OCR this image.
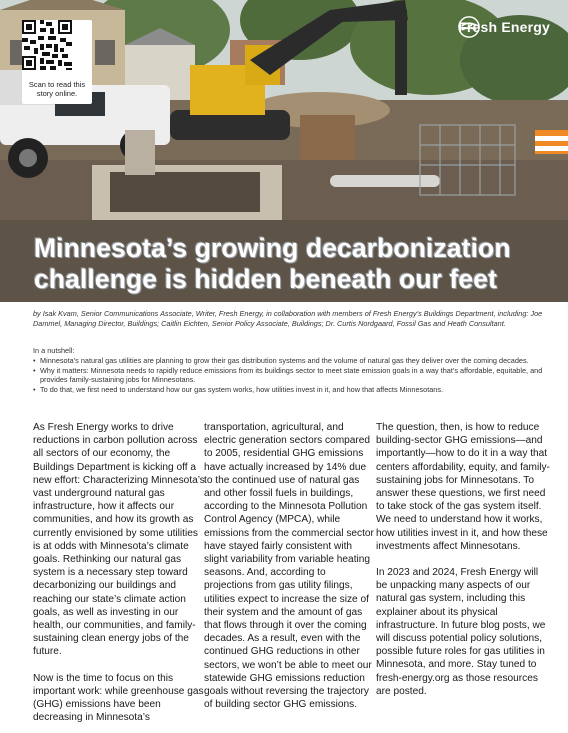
Scan to read this story online.
Fresh Energy
Minnesota’s growing decarbonization
challenge is hidden beneath our feet
by Isak Kvam, Senior Communications Associate, Writer, Fresh Energy, in collaboration with members of Fresh Energy’s Buildings Department, including: Joe Dammel, Managing Director, Buildings; Caitlin Eichten, Senior Policy Associate, Buildings; Dr. Curtis Nordgaard, Fossil Gas and Heath Consultant.
In a nutshell:
• Minnesota’s natural gas utilities are planning to grow their gas distribution systems and the volume of natural gas they deliver over the coming decades.
• Why it matters: Minnesota needs to rapidly reduce emissions from its buildings sector to meet state emission goals in a way that’s affordable, equitable, and provides family-sustaining jobs for Minnesotans.
• To do that, we first need to understand how our gas system works, how utilities invest in it, and how that affects Minnesotans.

As Fresh Energy works to drive reductions in carbon pollution across all sectors of our economy, the Buildings Department is kicking off a new effort: Characterizing Minnesota’s vast underground natural gas infrastructure, how it affects our communities, and how its growth as currently envisioned by some utilities is at odds with Minnesota’s climate goals. Rethinking our natural gas system is a necessary step toward decarbonizing our buildings and reaching our state’s climate action goals, as well as investing in our health, our communities, and family-sustaining clean energy jobs of the future.

Now is the time to focus on this important work: while greenhouse gas (GHG) emissions have been decreasing in Minnesota’s

transportation, agricultural, and electric generation sectors compared to 2005, residential GHG emissions have actually increased by 14% due to the continued use of natural gas and other fossil fuels in buildings, according to the Minnesota Pollution Control Agency (MPCA), while emissions from the commercial sector have stayed fairly consistent with slight variability from variable heating seasons. And, according to projections from gas utility filings, utilities expect to increase the size of their system and the amount of gas that flows through it over the coming decades. As a result, even with the continued GHG reductions in other sectors, we won’t be able to meet our statewide GHG emissions reduction goals without reversing the trajectory of building sector GHG emissions.

The question, then, is how to reduce building-sector GHG emissions—and importantly—how to do it in a way that centers affordability, equity, and family-sustaining jobs for Minnesotans. To answer these questions, we first need to take stock of the gas system itself. We need to understand how it works, how utilities invest in it, and how these investments affect Minnesotans.

In 2023 and 2024, Fresh Energy will be unpacking many aspects of our natural gas system, including this explainer about its physical infrastructure. In future blog posts, we will discuss potential policy solutions, possible future roles for gas utilities in Minnesota, and more. Stay tuned to fresh-energy.org as those resources are posted.
